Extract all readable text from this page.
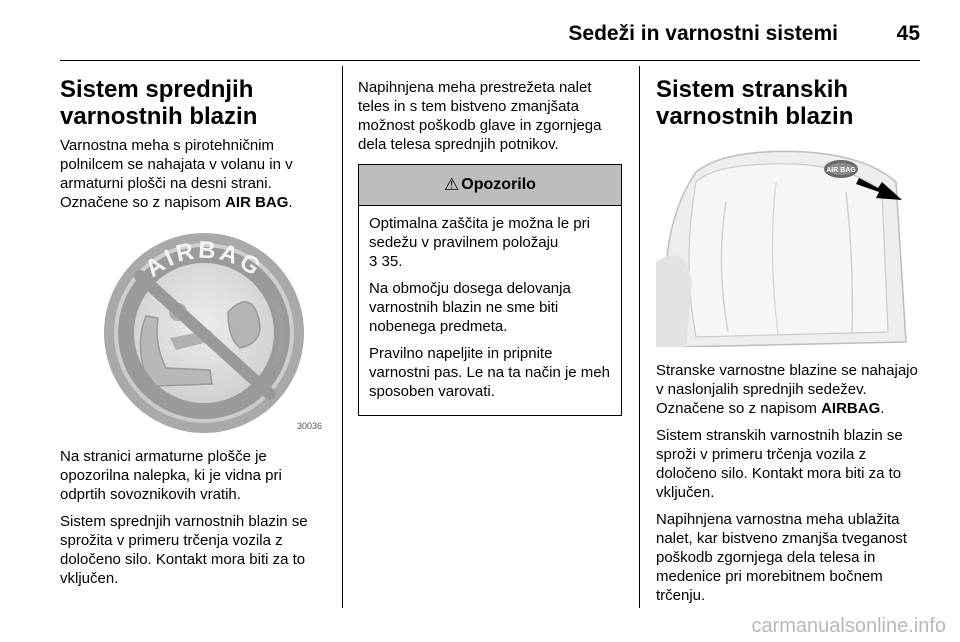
Sedeži in varnostni sistemi	45
Sistem sprednjih
varnostnih blazin

Varnostna meha s pirotehničnim polnilcem se nahajata v volanu in v armaturni plošči na desni strani. Označene so z napisom AIR BAG.

AIRBAG
30036

Na stranici armaturne plošče je opozorilna nalepka, ki je vidna pri odprtih sovoznikovih vratih.

Sistem sprednjih varnostnih blazin se sprožita v primeru trčenja vozila z določeno silo. Kontakt mora biti za to vključen.

Napihnjena meha prestrežeta nalet teles in s tem bistveno zmanjšata možnost poškodb glave in zgornjega dela telesa sprednjih potnikov.

⚠ Opozorilo

Optimalna zaščita je možna le pri sedežu v pravilnem položaju
3 35.

Na območju dosega delovanja varnostnih blazin ne sme biti nobenega predmeta.

Pravilno napeljite in pripnite varnostni pas. Le na ta način je meh sposoben varovati.

Sistem stranskih
varnostnih blazin
AIR BAG

Stranske varnostne blazine se nahajajo v naslonjalih sprednjih sedežev. Označene so z napisom AIRBAG.

Sistem stranskih varnostnih blazin se sproži v primeru trčenja vozila z določeno silo. Kontakt mora biti za to vključen.

Napihnjena varnostna meha ublažita nalet, kar bistveno zmanjša tveganost poškodb zgornjega dela telesa in medenice pri morebitnem bočnem trčenju.

carmanualsonline.info
